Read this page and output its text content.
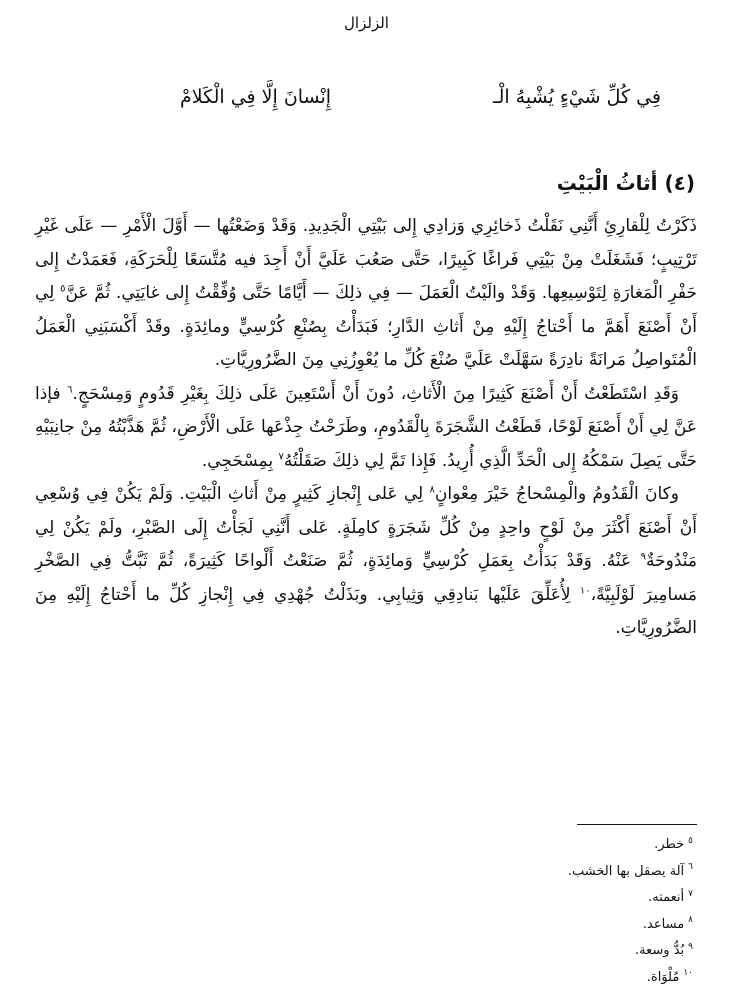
الزلزال
فِي كُلِّ شَيْءٍ يُشْبِهُ الْـ
إِنْسانَ إِلَّا فِي الْكَلامْ
(٤) أثاثُ الْبَيْتِ

ذَكَرْتُ لِلْقارِئِ أَنَّنِي نَقَلْتُ ذَخائِرِي وَزادِي إِلى بَيْتِي الْجَدِيدِ. وَقَدْ وَضَعْتُها — أَوَّلَ الْأَمْرِ — عَلَى غَيْرِ تَرْتِيبٍ؛ فَشَغَلَتْ مِنْ بَيْتِي فَراغًا كَبِيرًا، حَتَّى صَعُبَ عَلَيَّ أَنْ أَجِدَ فيه مُتَّسَعًا لِلْحَرَكَةِ، فَعَمَدْتُ إِلى حَفْرِ الْمَغارَةِ لِتَوْسِيعِها. وَقَدْ والَيْتُ الْعَمَلَ — فِي ذلِكَ — أَيَّامًا حَتَّى وُفِّقْتُ إِلى غايَتِي. ثُمَّ عَنَّ$^٥$ لِي أَنْ أَصْنَعَ أَهَمَّ ما أَحْتاجُ إِلَيْهِ مِنْ أَثاثِ الدَّارِ؛ فَبَدَأْتُ بِصُنْعِ كُرْسِيٍّ ومائِدَةٍ. وقَدْ أَكْسَبَنِي الْعَمَلُ الْمُتَواصِلُ مَرانَةً نادِرَةً سَهَّلَتْ عَلَيَّ صُنْعَ كُلِّ ما يُعْوِزُنِي مِنَ الضَّرُورِيَّاتِ.

وَقَدِ اسْتَطَعْتُ أَنْ أَصْنَعَ كَثِيرًا مِنَ الْأَثاثِ، دُونَ أَنْ أَسْتَعِينَ عَلَى ذلِكَ بِغَيْرِ قَدُومٍ وَمِسْحَجٍ.$^٦$ فإذا عَنَّ لِي أَنْ أَصْنَعَ لَوْحًا، قَطَعْتُ الشَّجَرَةَ بِالْقَدُومِ، وطَرَحْتُ جِذْعَها عَلَى الْأَرْضِ، ثُمَّ هَذَّبْتُهُ مِنْ جانِبَيْهِ حَتَّى يَصِلَ سَمْكُهُ إِلى الْحَدِّ الَّذِي أُرِيدُ. فَإِذا تَمَّ لِي ذلِكَ صَقَلْتُهُ$^٧$ بِمِسْحَجِي.

وكانَ الْقَدُومُ والْمِسْحاجُ خَيْرَ مِعْوانٍ$^٨$ لِي عَلى إِنْجازِ كَثِيرٍ مِنْ أَثاثِ الْبَيْتِ. وَلَمْ يَكُنْ فِي وُسْعِي أَنْ أَصْنَعَ أَكْثَرَ مِنْ لَوْحٍ واحِدٍ مِنْ كُلِّ شَجَرَةٍ كامِلَةٍ. عَلى أَنَّنِي لَجَأْتُ إِلَى الصَّبْرِ، ولَمْ يَكُنْ لِي مَنْدُوحَةٌ$^٩$ عَنْهُ. وَقَدْ بَدَأْتُ بِعَمَلِ كُرْسِيٍّ وَمائِدَةٍ، ثُمَّ صَنَعْتُ أَلْواحًا كَثِيرَةً، ثُمَّ ثَبَّتُّ فِي الصَّخْرِ مَسامِيرَ لَوْلَبِيَّةً،$^{١٠}$ لِأُعَلِّقَ عَلَيْها بَنادِقِي وَثِيابِي. وبَذَلْتُ جُهْدِي فِي إِنْجازِ كُلِّ ما أَحْتاجُ إِلَيْهِ مِنَ الضَّرُورِيَّاتِ.

$^٥$خطر.
$^٦$آلة يصقل بها الخشب.
$^٧$أنعمته.
$^٨$مساعد.
$^٩$بُدٌّ وسعة.
$^{١٠}$مُلْوَاة.
